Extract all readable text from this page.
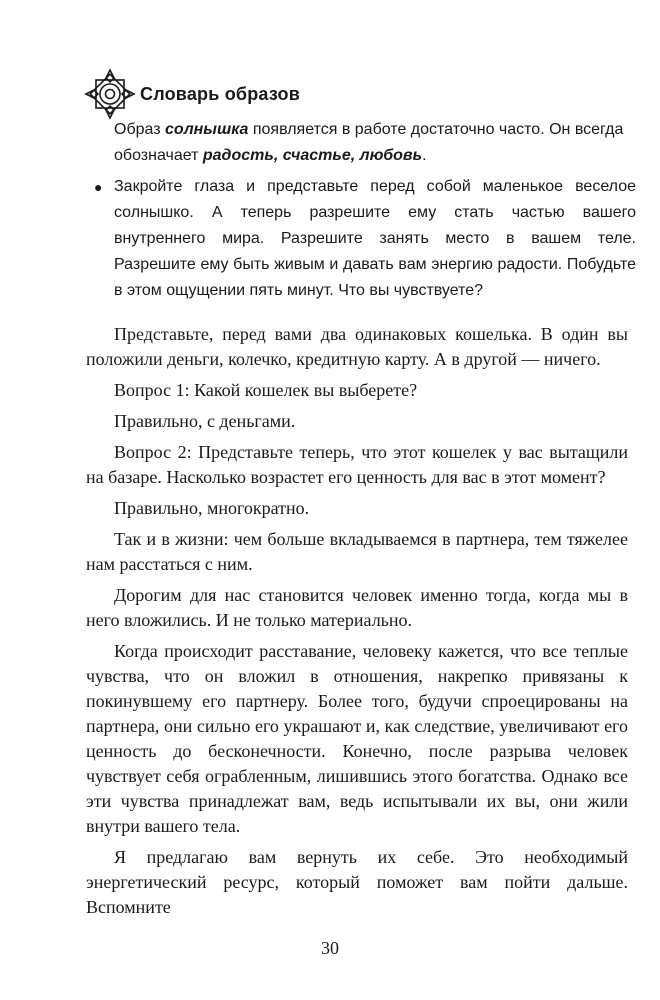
Словарь образов
Образ солнышка появляется в работе достаточно часто. Он всегда обозначает радость, счастье, любовь.
● Закройте глаза и представьте перед собой маленькое веселое солнышко. А теперь разрешите ему стать частью вашего внутреннего мира. Разрешите занять место в вашем теле. Разрешите ему быть живым и давать вам энергию радости. Побудьте в этом ощущении пять минут. Что вы чувствуете?

Представьте, перед вами два одинаковых кошелька. В один вы положили деньги, колечко, кредитную карту. А в другой — ничего.

Вопрос 1: Какой кошелек вы выберете?

Правильно, с деньгами.

Вопрос 2: Представьте теперь, что этот кошелек у вас вытащили на базаре. Насколько возрастет его ценность для вас в этот момент?

Правильно, многократно.

Так и в жизни: чем больше вкладываемся в партнера, тем тяжелее нам расстаться с ним.

Дорогим для нас становится человек именно тогда, когда мы в него вложились. И не только материально.

Когда происходит расставание, человеку кажется, что все теплые чувства, что он вложил в отношения, накрепко привязаны к покинувшему его партнеру. Более того, будучи спроецированы на партнера, они сильно его украшают и, как следствие, увеличивают его ценность до бесконечности. Конечно, после разрыва человек чувствует себя ограбленным, лишившись этого богатства. Однако все эти чувства принадлежат вам, ведь испытывали их вы, они жили внутри вашего тела.

Я предлагаю вам вернуть их себе. Это необходимый энергетический ресурс, который поможет вам пойти дальше. Вспомните

30
